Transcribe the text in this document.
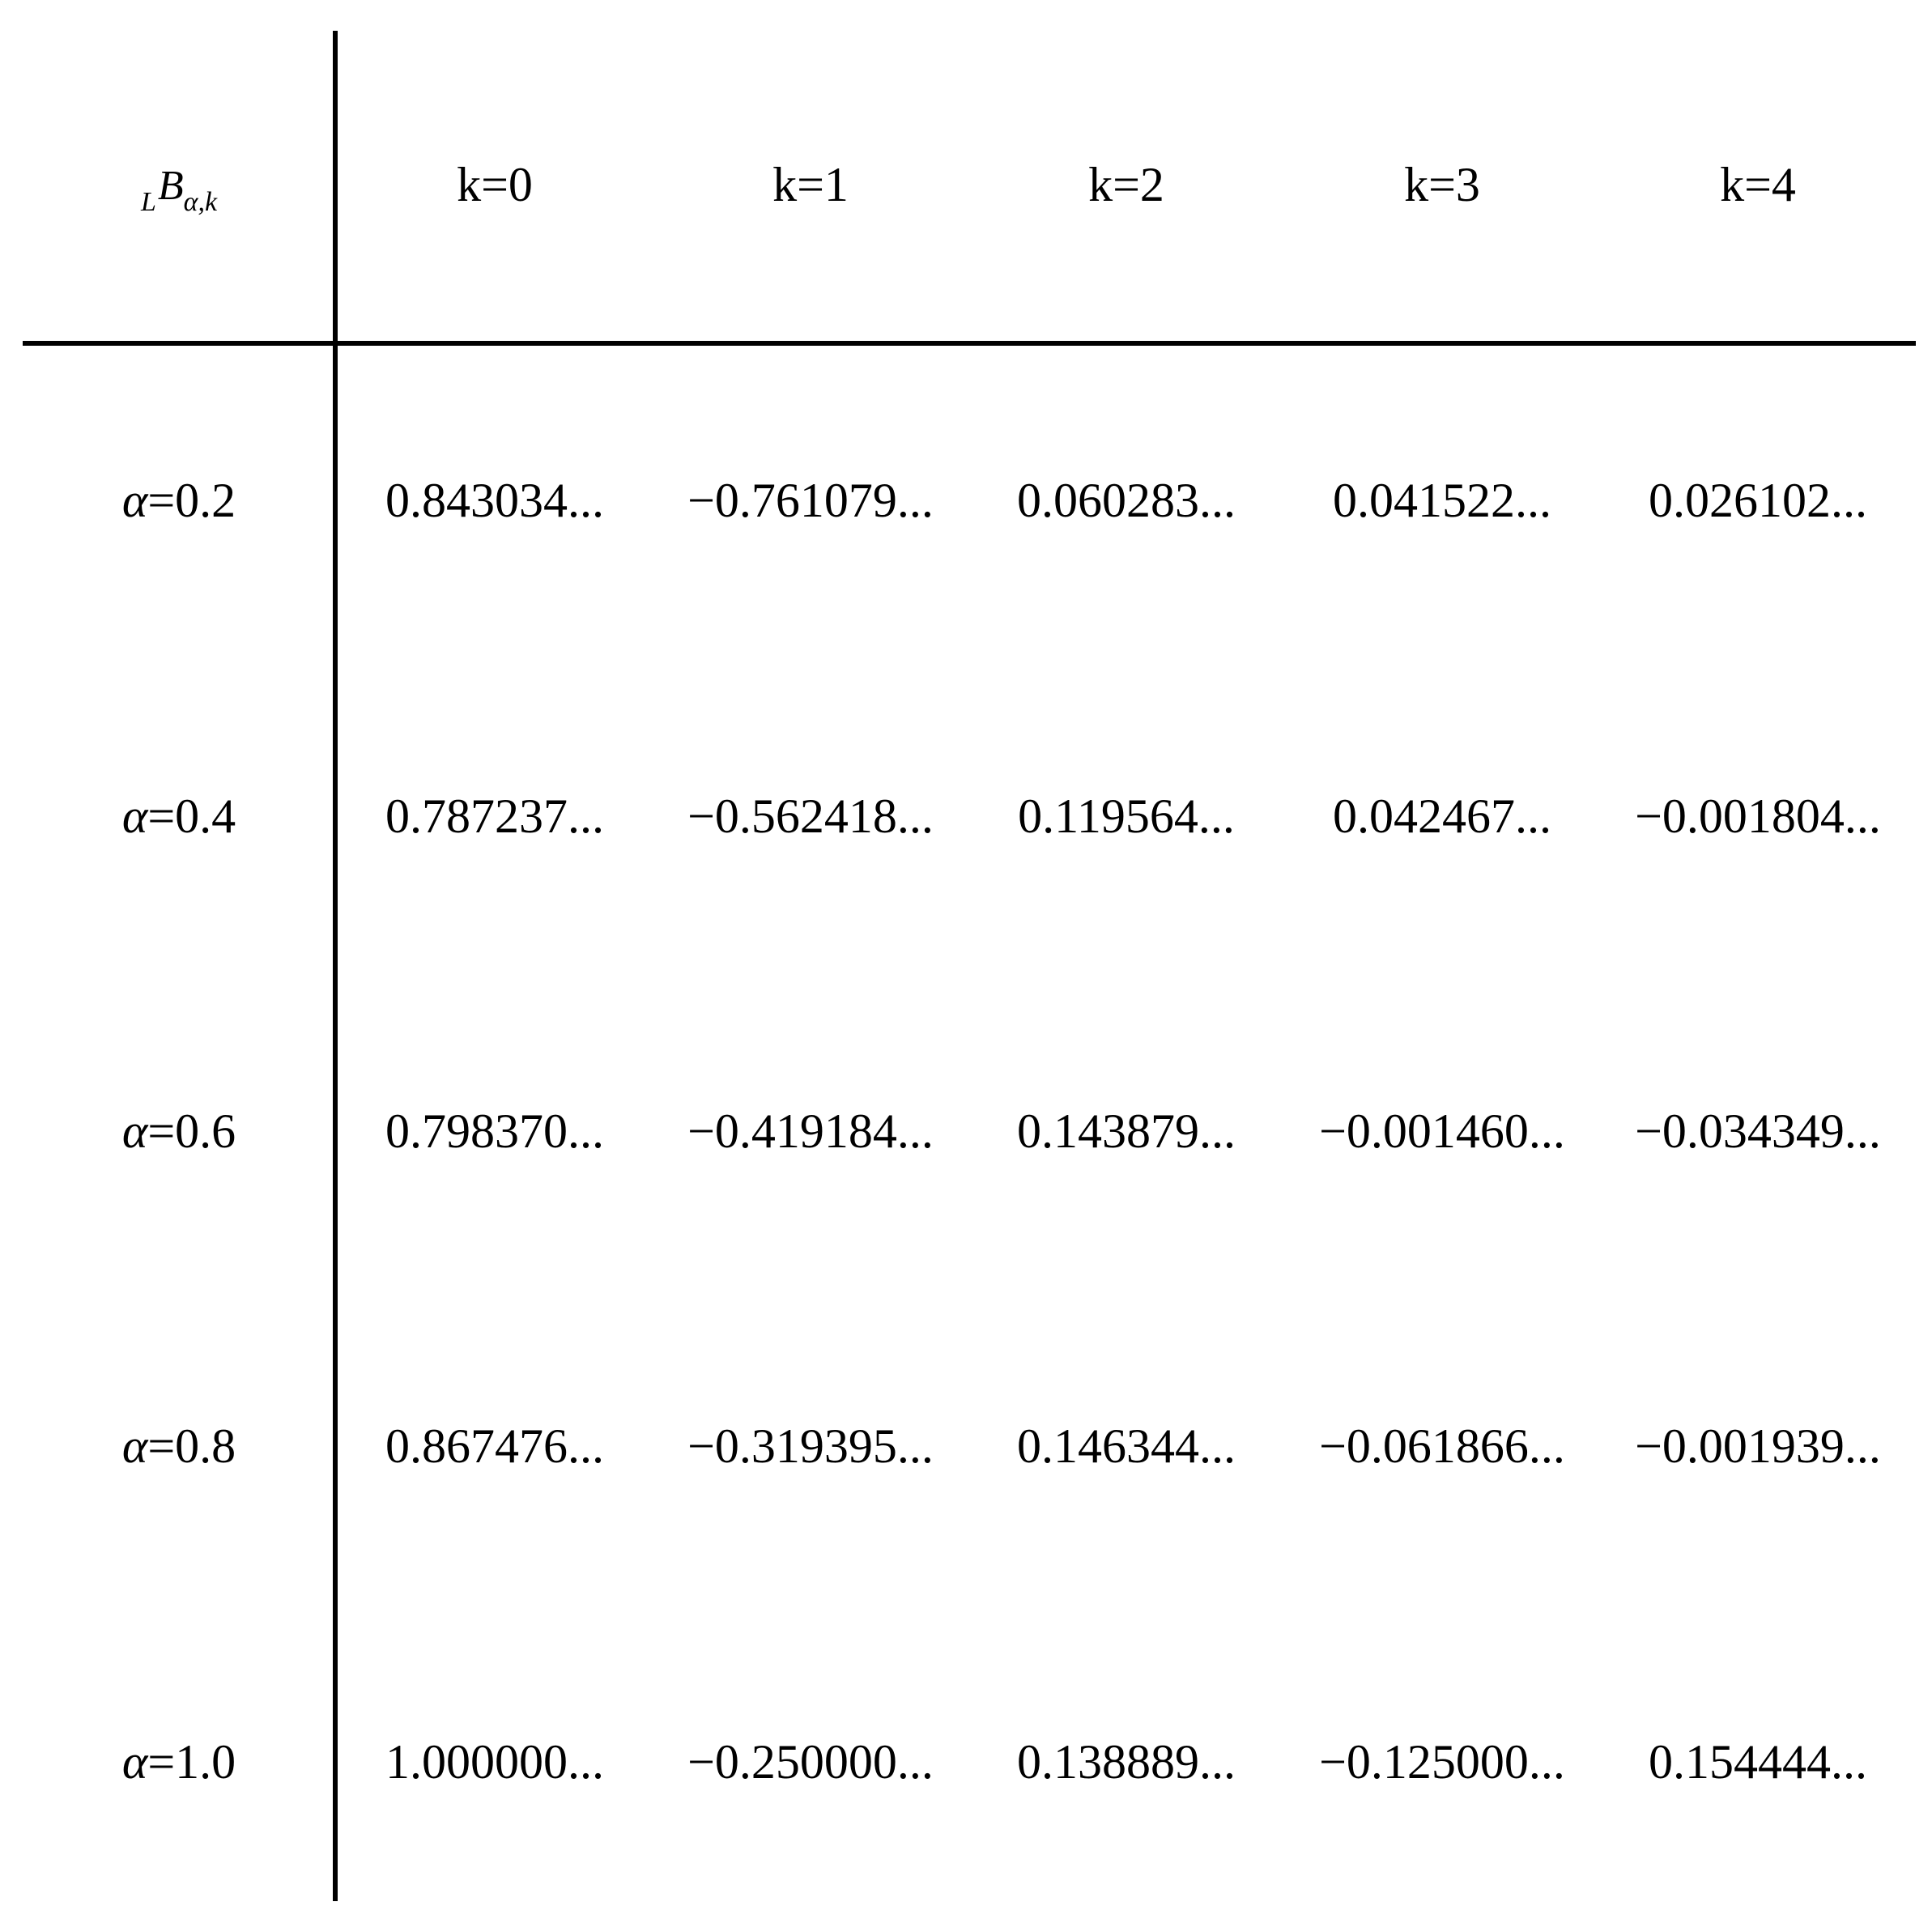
$_LB_{\alpha,k}$	k=0	k=1	k=2	k=3	k=4
α=0.2	0.843034... −0.761079... 0.060283... 0.041522... 0.026102...
α=0.4	0.787237... −0.562418... 0.119564... 0.042467... −0.001804...
α=0.6	0.798370... −0.419184... 0.143879... −0.001460... −0.034349...
α=0.8	0.867476... −0.319395... 0.146344... −0.061866... −0.001939...
α=1.0	1.000000... −0.250000... 0.138889... −0.125000... 0.154444...
